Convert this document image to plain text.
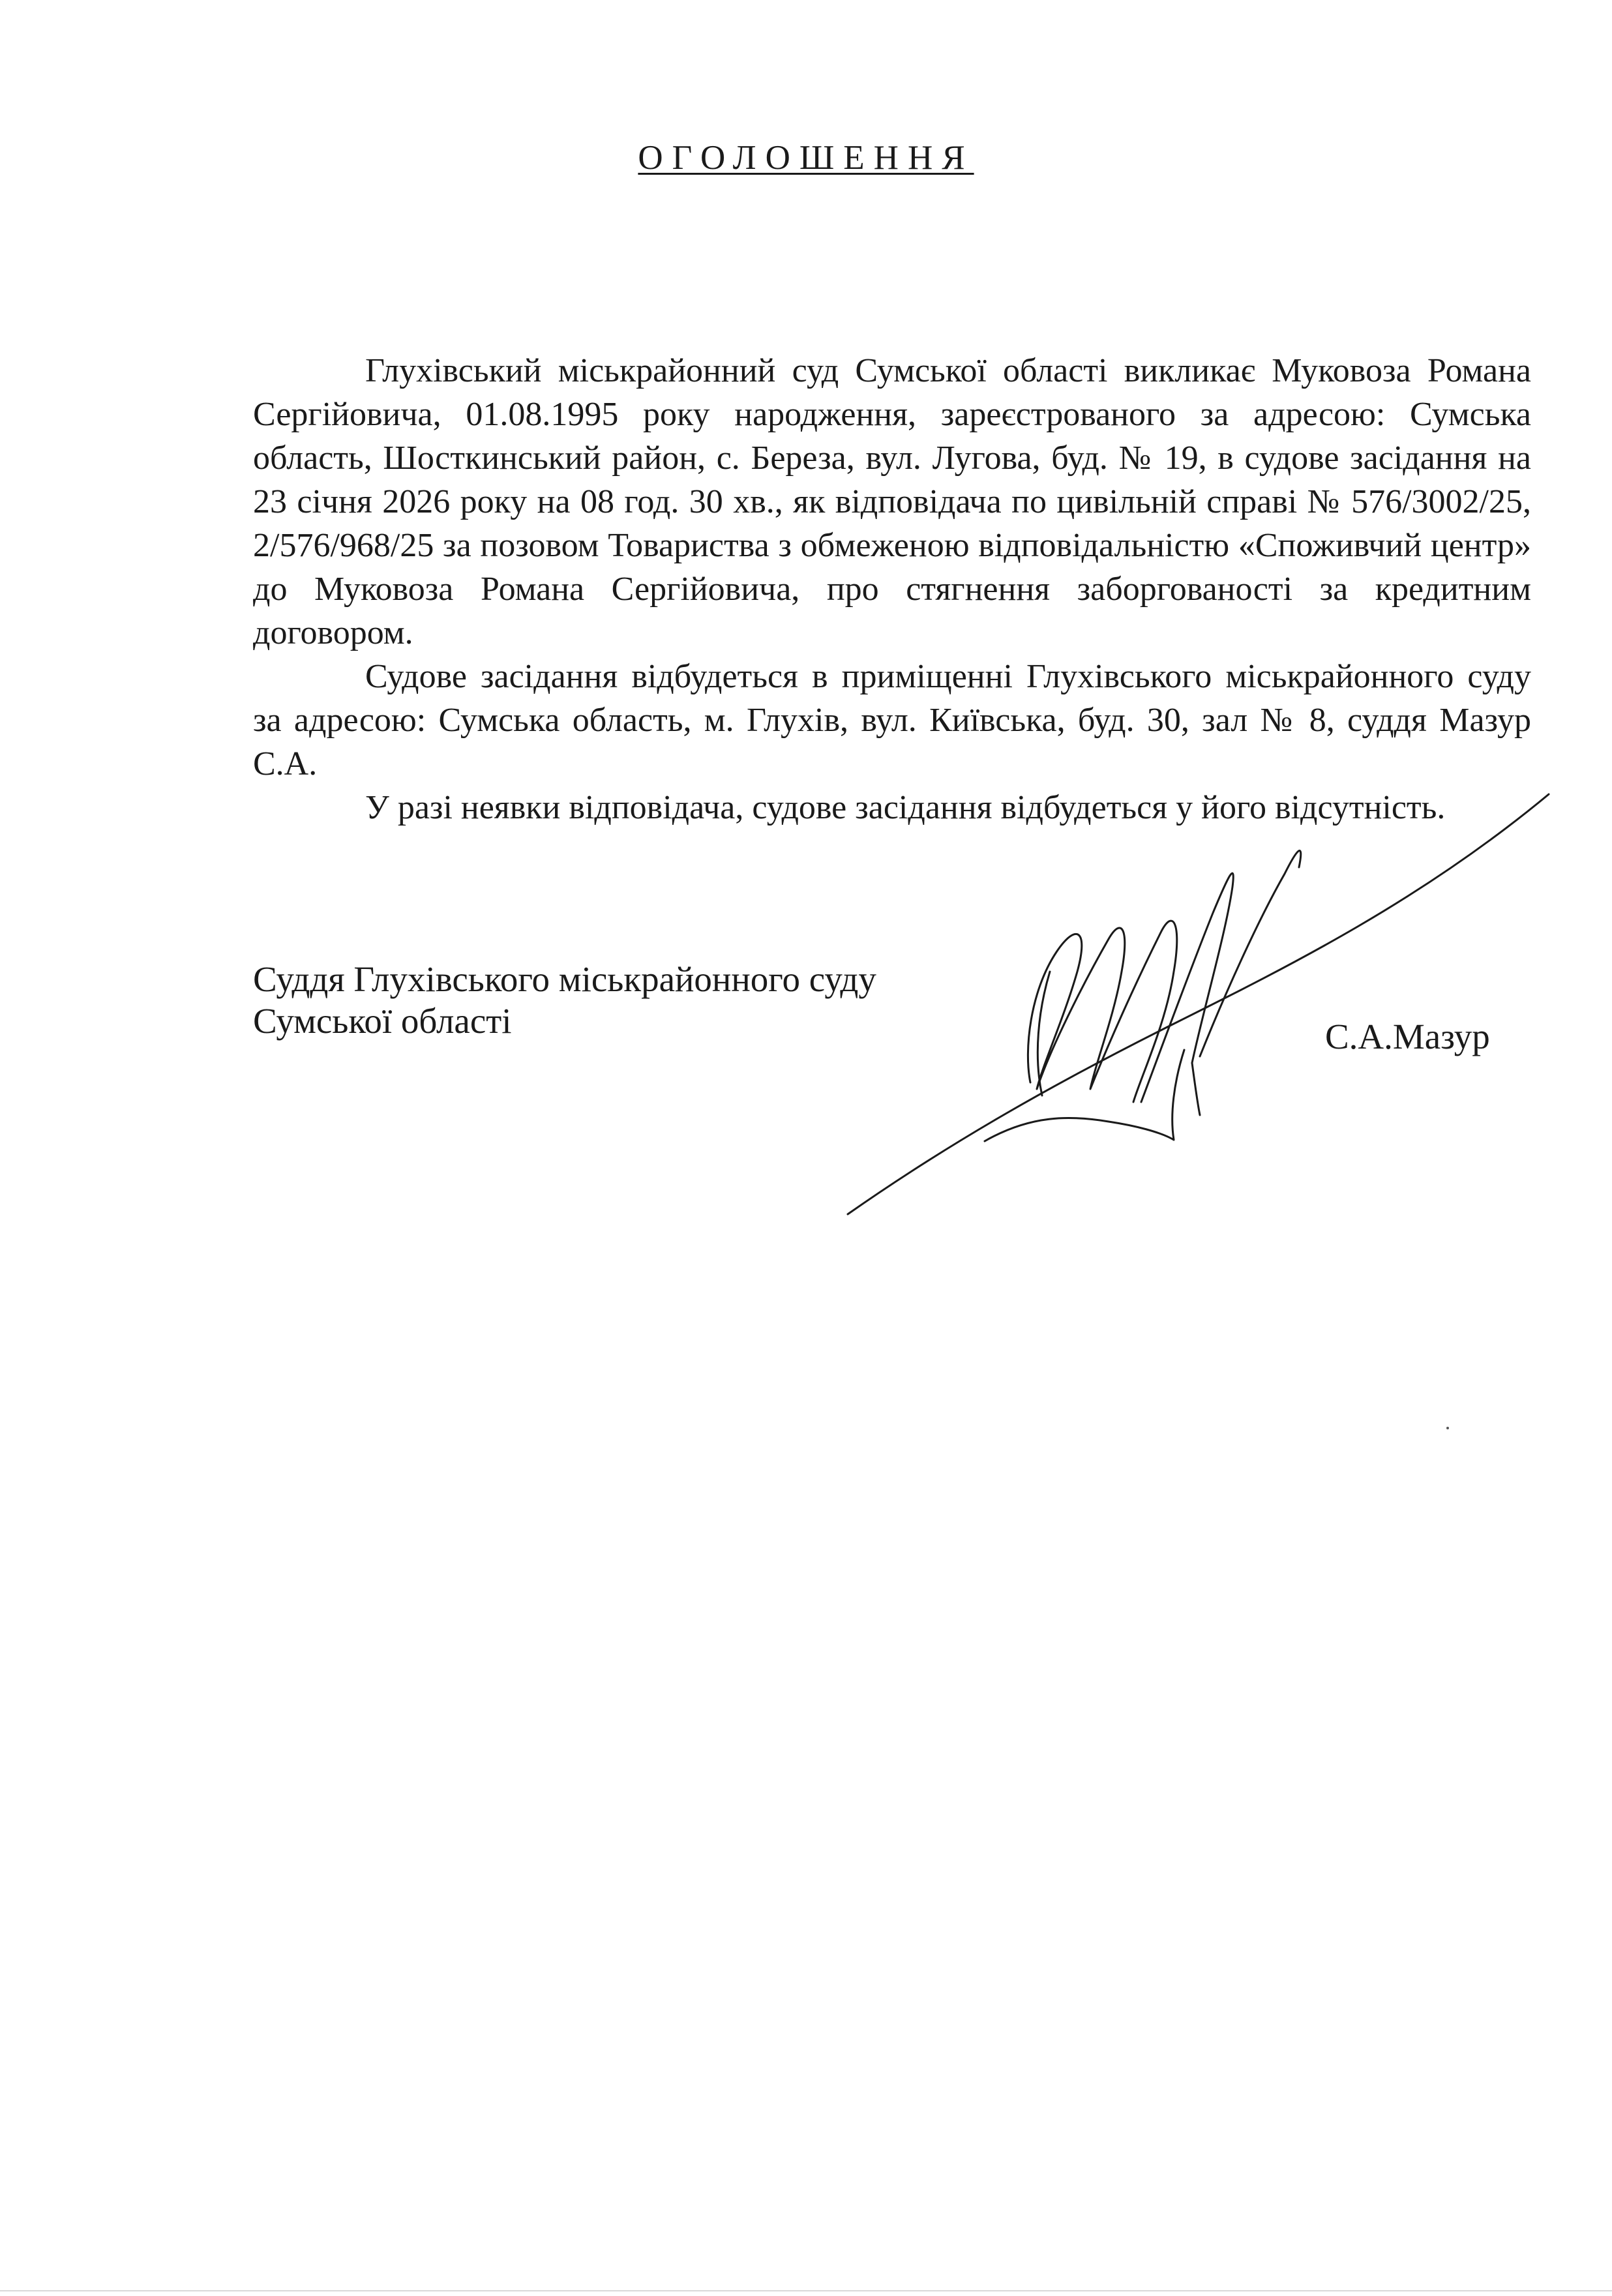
ОГОЛОШЕННЯ

Глухівський міськрайонний суд Сумської області викликає Муковоза Романа Сергійовича, 01.08.1995 року народження, зареєстрованого за адресою: Сумська область, Шосткинський район, с. Береза, вул. Лугова, буд. № 19, в судове засідання на 23 січня 2026 року на 08 год. 30 хв., як відповідача по цивільній справі № 576/3002/25, 2/576/968/25 за позовом Товариства з обмеженою відповідальністю «Споживчий центр» до Муковоза Романа Сергійовича, про стягнення заборгованості за кредитним договором.

Судове засідання відбудеться в приміщенні Глухівського міськрайонного суду за адресою: Сумська область, м. Глухів, вул. Київська, буд. 30, зал № 8, суддя Мазур С.А.

У разі неявки відповідача, судове засідання відбудеться у його відсутність.

Суддя Глухівського міськрайонного суду
Сумської області	С.А.Мазур
